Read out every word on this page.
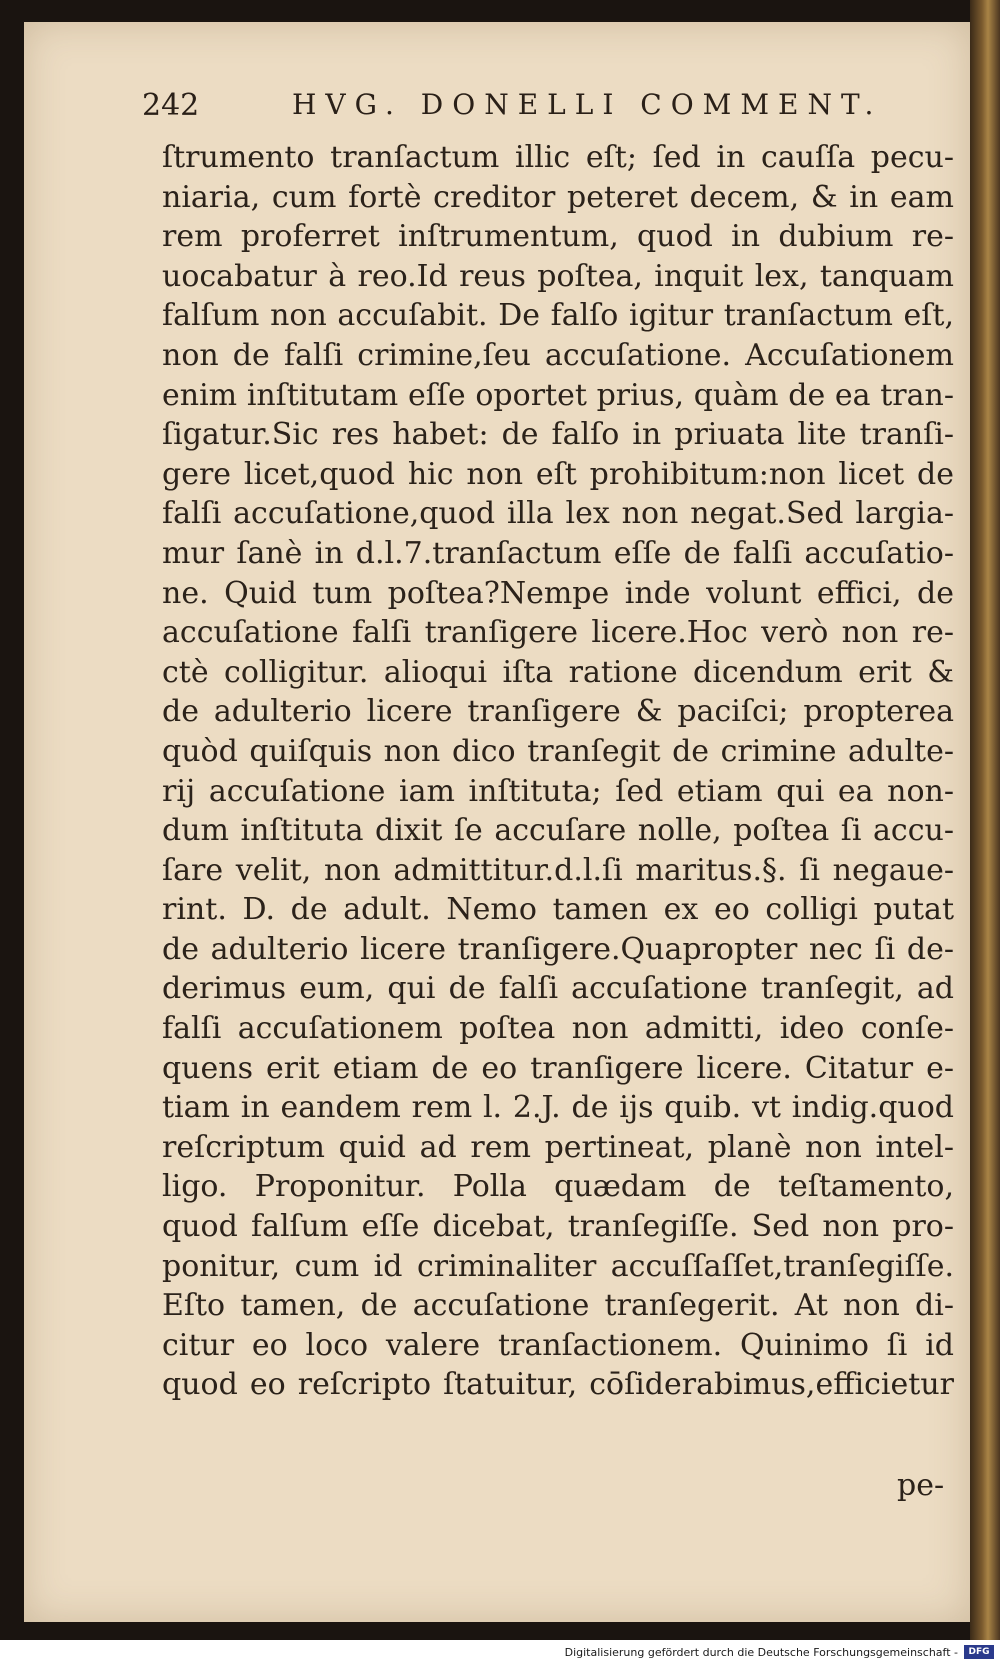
242	HVG. DONELLI COMMENT.
ſtrumento tranſactum illic eſt; ſed in cauſſa pecu-
niaria, cum fortè creditor peteret decem, & in eam
rem proferret inſtrumentum, quod in dubium re-
uocabatur à reo.Id reus poſtea, inquit lex, tanquam
falſum non accuſabit. De falſo igitur tranſactum eſt,
non de falſi crimine,ſeu accuſatione. Accuſationem
enim inſtitutam eſſe oportet prius, quàm de ea tran-
ſigatur.Sic res habet: de falſo in priuata lite tranſi-
gere licet,quod hic non eſt prohibitum:non licet de
falſi accuſatione,quod illa lex non negat.Sed largia-
mur ſanè in d.l.7.tranſactum eſſe de falſi accuſatio-
ne. Quid tum poſtea?Nempe inde volunt effici, de
accuſatione falſi tranſigere licere.Hoc verò non re-
ctè colligitur. alioqui iſta ratione dicendum erit &
de adulterio licere tranſigere & paciſci; propterea
quòd quiſquis non dico tranſegit de crimine adulte-
rij accuſatione iam inſtituta; ſed etiam qui ea non-
dum inſtituta dixit ſe accuſare nolle, poſtea ſi accu-
ſare velit, non admittitur.d.l.ſi maritus.§. ſi negaue-
rint. D. de adult. Nemo tamen ex eo colligi putat
de adulterio licere tranſigere.Quapropter nec ſi de-
derimus eum, qui de falſi accuſatione tranſegit, ad
falſi accuſationem poſtea non admitti, ideo conſe-
quens erit etiam de eo tranſigere licere. Citatur e-
tiam in eandem rem l. 2.J. de ijs quib. vt indig.quod
reſcriptum quid ad rem pertineat, planè non intel-
ligo. Proponitur. Polla quædam de teſtamento,
quod falſum eſſe dicebat, tranſegiſſe. Sed non pro-
ponitur, cum id criminaliter accuſſaſſet,tranſegiſſe.
Eſto tamen, de accuſatione tranſegerit. At non di-
citur eo loco valere tranſactionem. Quinimo ſi id
quod eo reſcripto ſtatuitur, cōſiderabimus,efficietur
pe-
Digitalisierung gefördert durch die Deutsche Forschungsgemeinschaft -	DFG
